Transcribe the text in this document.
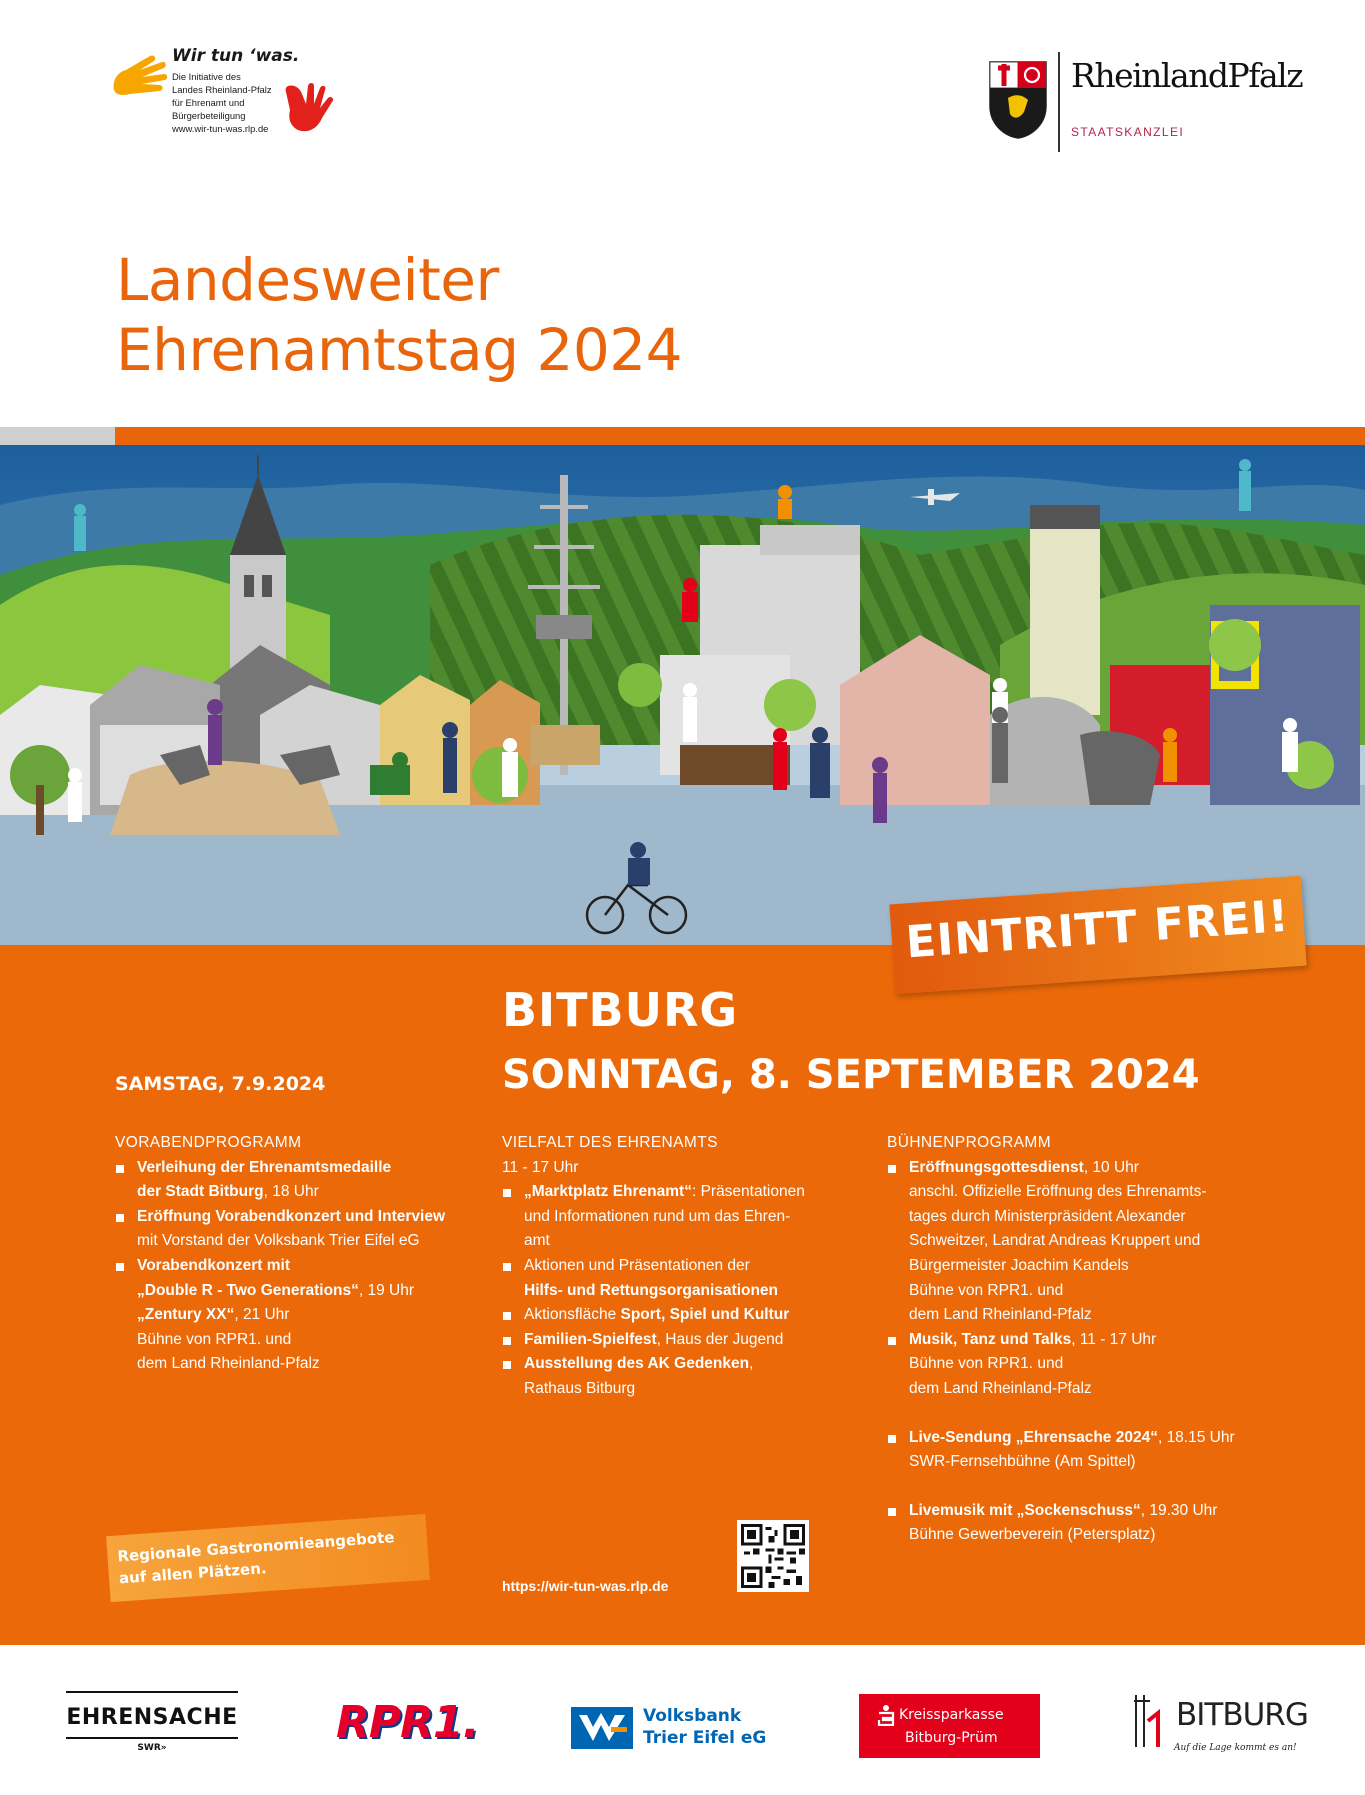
Wir tun ‘was.
Die Initiative des
Landes Rheinland-Pfalz
für Ehrenamt und
Bürgerbeteiligung
www.wir-tun-was.rlp.de
RheinlandPfalz
STAATSKANZLEI
Landesweiter
Ehrenamtstag 2024
EINTRITT FREI!
BITBURG
SONNTAG, 8. SEPTEMBER 2024
SAMSTAG, 7.9.2024
VORABENDPROGRAMM
Verleihung der Ehrenamtsmedaille
der Stadt Bitburg, 18 Uhr
Eröffnung Vorabendkonzert und Interview
mit Vorstand der Volksbank Trier Eifel eG
Vorabendkonzert mit
„Double R - Two Generations“, 19 Uhr
„Zentury XX“, 21 Uhr
Bühne von RPR1. und
dem Land Rheinland-Pfalz
VIELFALT DES EHRENAMTS
11 - 17 Uhr
„Marktplatz Ehrenamt“: Präsentationen
und Informationen rund um das Ehren-
amt
Aktionen und Präsentationen der
Hilfs- und Rettungsorganisationen
Aktionsfläche Sport, Spiel und Kultur
Familien-Spielfest, Haus der Jugend
Ausstellung des AK Gedenken,
Rathaus Bitburg
BÜHNENPROGRAMM
Eröffnungsgottesdienst, 10 Uhr
anschl. Offizielle Eröffnung des Ehrenamts-
tages durch Ministerpräsident Alexander
Schweitzer, Landrat Andreas Kruppert und
Bürgermeister Joachim Kandels
Bühne von RPR1. und
dem Land Rheinland-Pfalz
Musik, Tanz und Talks, 11 - 17 Uhr
Bühne von RPR1. und
dem Land Rheinland-Pfalz
Live-Sendung „Ehrensache 2024“, 18.15 Uhr
SWR-Fernsehbühne (Am Spittel)
Livemusik mit „Sockenschuss“, 19.30 Uhr
Bühne Gewerbeverein (Petersplatz)
Regionale Gastronomieangebote
auf allen Plätzen.	https://wir-tun-was.rlp.de
EHRENSACHE
SWR»	RPR1.	Volksbank
Trier Eifel eG
Kreissparkasse
Bitburg-Prüm
BITBURG
Auf die Lage kommt es an!
